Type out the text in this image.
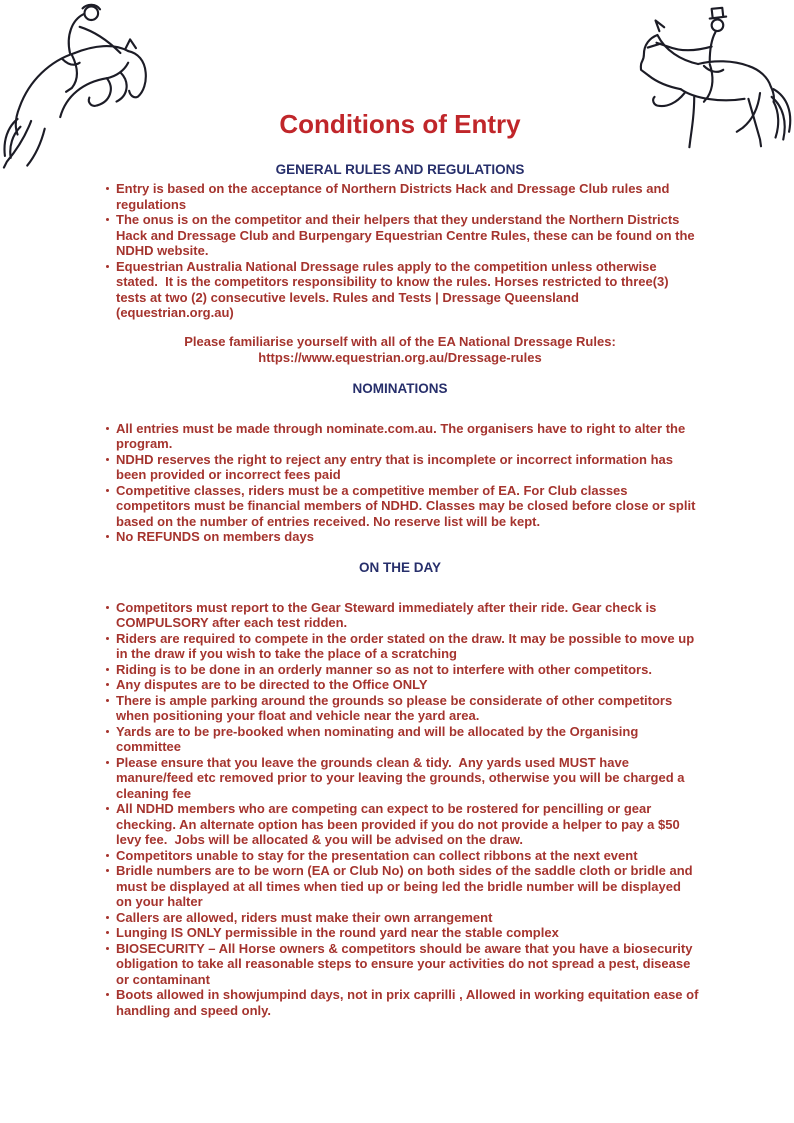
Conditions of Entry
GENERAL RULES AND REGULATIONS
Entry is based on the acceptance of Northern Districts Hack and Dressage Club rules and regulations
The onus is on the competitor and their helpers that they understand the Northern Districts Hack and Dressage Club and Burpengary Equestrian Centre Rules, these can be found on the NDHD website.
Equestrian Australia National Dressage rules apply to the competition unless otherwise stated.  It is the competitors responsibility to know the rules. Horses restricted to three(3) tests at two (2) consecutive levels. Rules and Tests | Dressage Queensland (equestrian.org.au)
Please familiarise yourself with all of the EA National Dressage Rules:
https://www.equestrian.org.au/Dressage-rules
NOMINATIONS
All entries must be made through nominate.com.au. The organisers have to right to alter the program.
NDHD reserves the right to reject any entry that is incomplete or incorrect information has been provided or incorrect fees paid
Competitive classes, riders must be a competitive member of EA. For Club classes competitors must be financial members of NDHD. Classes may be closed before close or split based on the number of entries received. No reserve list will be kept.
No REFUNDS on members days
ON THE DAY
Competitors must report to the Gear Steward immediately after their ride. Gear check is COMPULSORY after each test ridden.
Riders are required to compete in the order stated on the draw. It may be possible to move up in the draw if you wish to take the place of a scratching
Riding is to be done in an orderly manner so as not to interfere with other competitors.
Any disputes are to be directed to the Office ONLY
There is ample parking around the grounds so please be considerate of other competitors when positioning your float and vehicle near the yard area.
Yards are to be pre-booked when nominating and will be allocated by the Organising committee
Please ensure that you leave the grounds clean & tidy.  Any yards used MUST have manure/feed etc removed prior to your leaving the grounds, otherwise you will be charged a cleaning fee
All NDHD members who are competing can expect to be rostered for pencilling or gear checking. An alternate option has been provided if you do not provide a helper to pay a $50 levy fee.  Jobs will be allocated & you will be advised on the draw.
Competitors unable to stay for the presentation can collect ribbons at the next event
Bridle numbers are to be worn (EA or Club No) on both sides of the saddle cloth or bridle and must be displayed at all times when tied up or being led the bridle number will be displayed on your halter
Callers are allowed, riders must make their own arrangement
Lunging IS ONLY permissible in the round yard near the stable complex
BIOSECURITY – All Horse owners & competitors should be aware that you have a biosecurity obligation to take all reasonable steps to ensure your activities do not spread a pest, disease or contaminant
Boots allowed in showjumpind days, not in prix caprilli , Allowed in working equitation ease of handling and speed only.
